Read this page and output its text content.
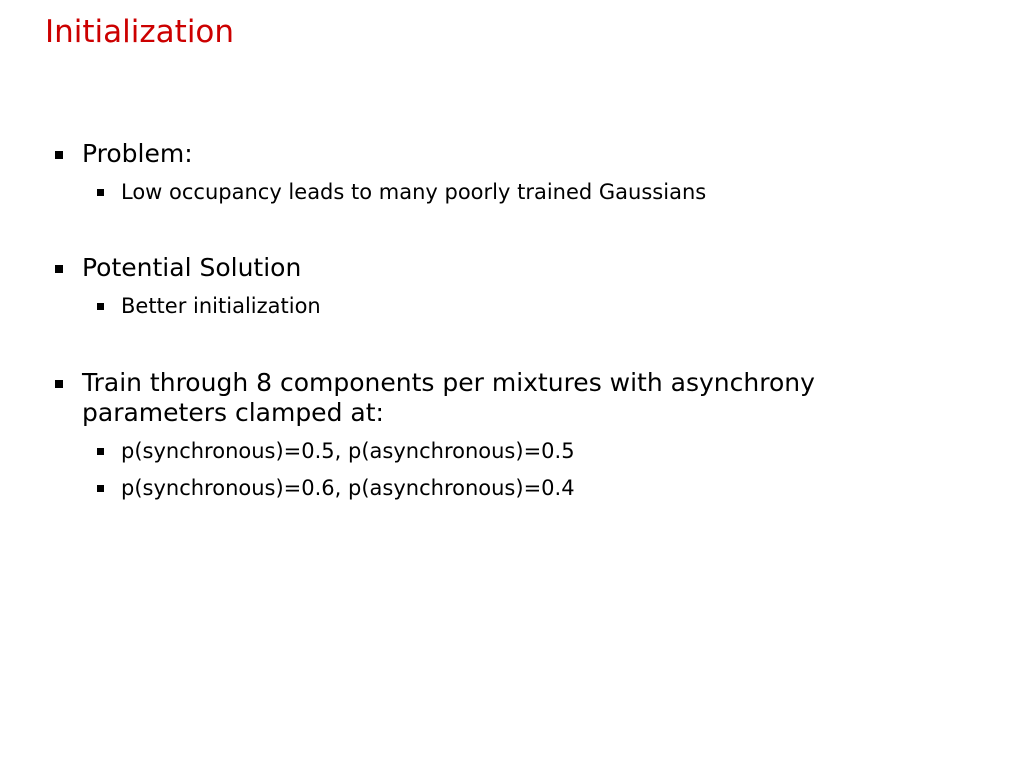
Initialization
Problem:
Low occupancy leads to many poorly trained Gaussians
Potential Solution
Better initialization
Train through 8 components per mixtures with asynchrony parameters clamped at:
p(synchronous)=0.5, p(asynchronous)=0.5
p(synchronous)=0.6, p(asynchronous)=0.4
